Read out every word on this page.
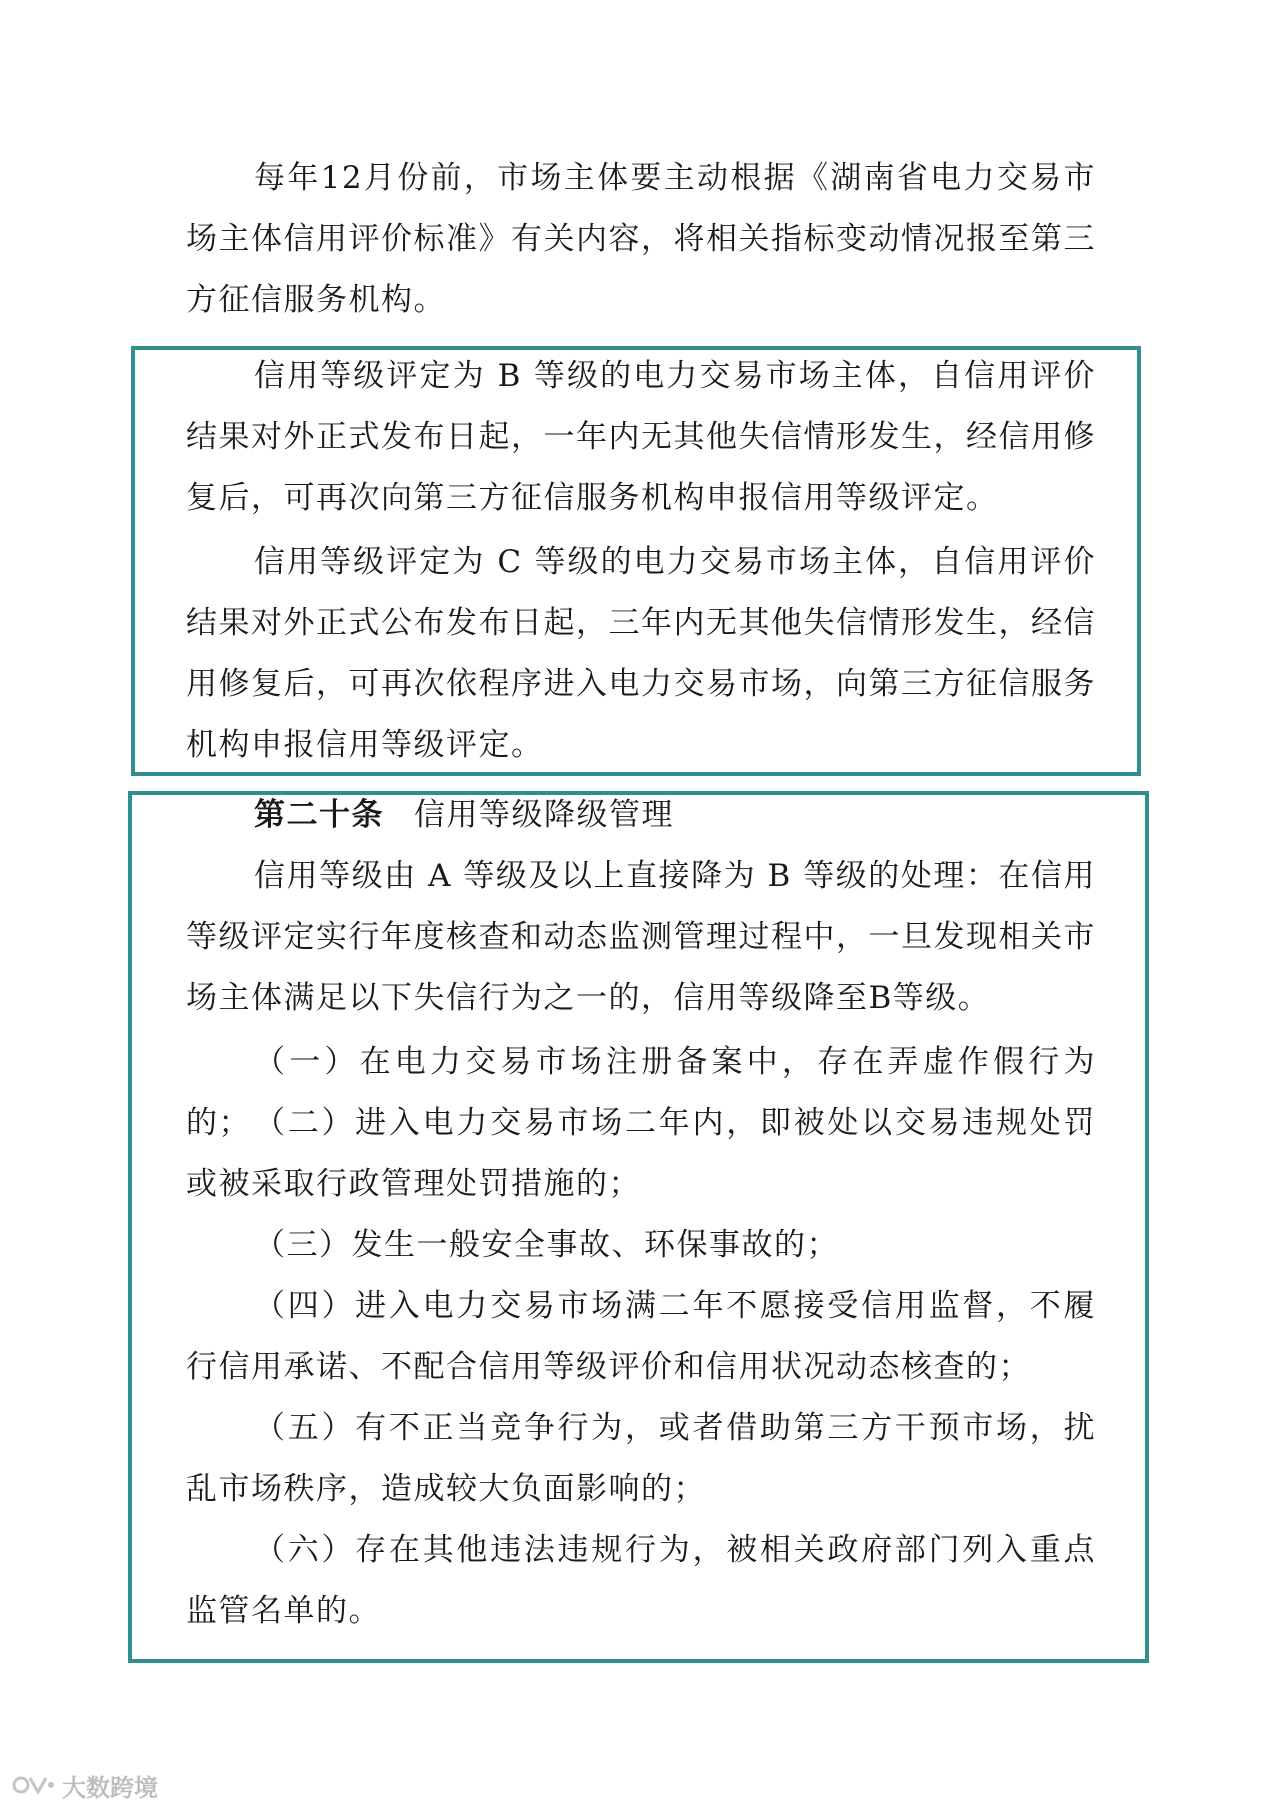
每年12月份前，市场主体要主动根据《湖南省电力交易市场主体信用评价标准》有关内容，将相关指标变动情况报至第三方征信服务机构。

信用等级评定为 B 等级的电力交易市场主体，自信用评价结果对外正式发布日起，一年内无其他失信情形发生，经信用修复后，可再次向第三方征信服务机构申报信用等级评定。

信用等级评定为 C 等级的电力交易市场主体，自信用评价结果对外正式公布发布日起，三年内无其他失信情形发生，经信用修复后，可再次依程序进入电力交易市场，向第三方征信服务机构申报信用等级评定。

第二十条 信用等级降级管理

信用等级由 A 等级及以上直接降为 B 等级的处理：在信用等级评定实行年度核查和动态监测管理过程中，一旦发现相关市场主体满足以下失信行为之一的，信用等级降至B等级。

（一）在电力交易市场注册备案中，存在弄虚作假行为的； （二）进入电力交易市场二年内，即被处以交易违规处罚或被采取行政管理处罚措施的；

（三）发生一般安全事故、环保事故的；

（四）进入电力交易市场满二年不愿接受信用监督，不履行信用承诺、不配合信用等级评价和信用状况动态核查的；

（五）有不正当竞争行为，或者借助第三方干预市场，扰乱市场秩序，造成较大负面影响的；

（六）存在其他违法违规行为，被相关政府部门列入重点监管名单的。

大数跨境
